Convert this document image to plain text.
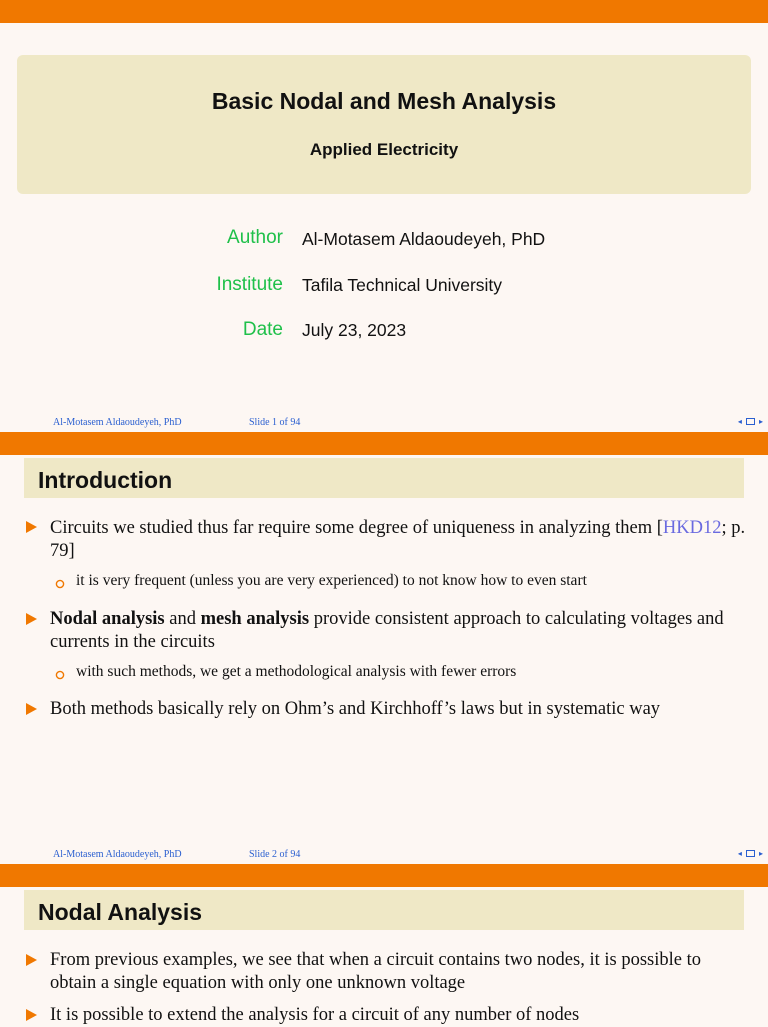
Basic Nodal and Mesh Analysis
Applied Electricity
Author Al-Motasem Aldaoudeyeh, PhD
Institute Tafila Technical University
Date July 23, 2023
Al-Motasem Aldaoudeyeh, PhD	Slide 1 of 94	◂ ▸
Introduction
Circuits we studied thus far require some degree of uniqueness in analyzing them [HKD12; p. 79]
it is very frequent (unless you are very experienced) to not know how to even start
Nodal analysis and mesh analysis provide consistent approach to calculating voltages and currents in the circuits
with such methods, we get a methodological analysis with fewer errors
Both methods basically rely on Ohm’s and Kirchhoff’s laws but in systematic way
Al-Motasem Aldaoudeyeh, PhD	Slide 2 of 94	◂ ▸
Nodal Analysis
From previous examples, we see that when a circuit contains two nodes, it is possible to obtain a single equation with only one unknown voltage
It is possible to extend the analysis for a circuit of any number of nodes
